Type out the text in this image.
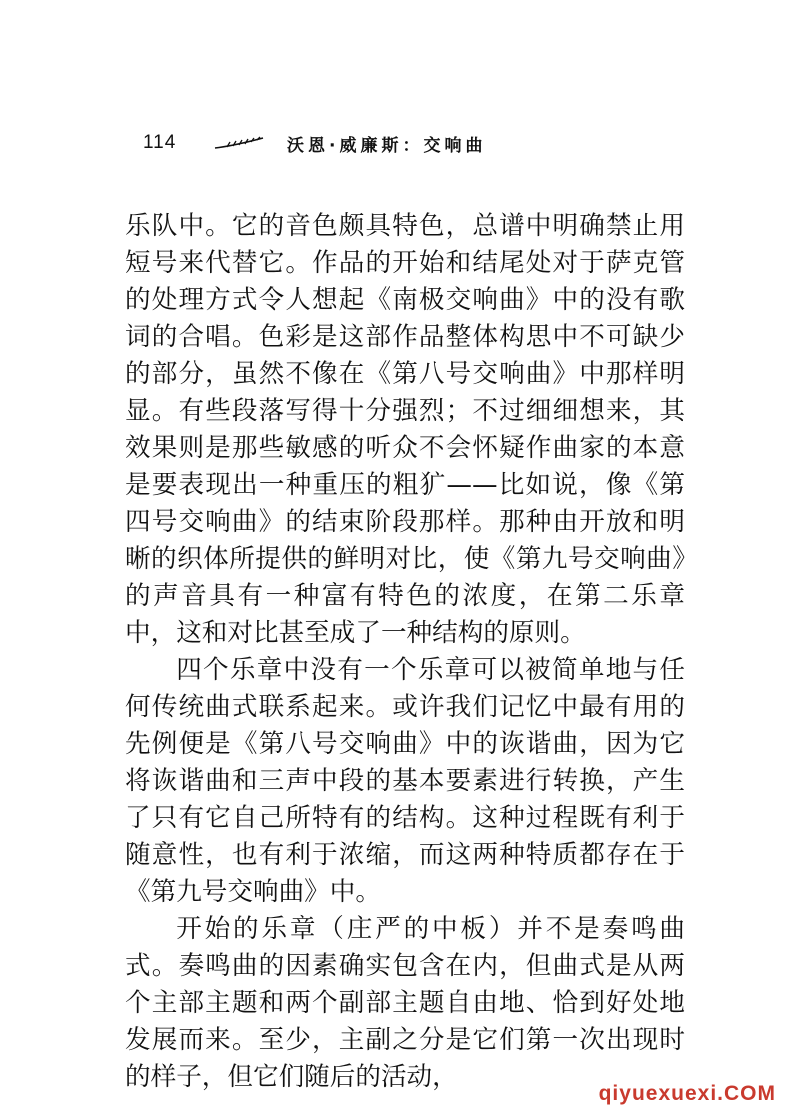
114	沃恩·威廉斯：交响曲

乐队中。它的音色颇具特色，总谱中明确禁止用短号来代替它。作品的开始和结尾处对于萨克管的处理方式令人想起《南极交响曲》中的没有歌词的合唱。色彩是这部作品整体构思中不可缺少的部分，虽然不像在《第八号交响曲》中那样明显。有些段落写得十分强烈；不过细细想来，其效果则是那些敏感的听众不会怀疑作曲家的本意是要表现出一种重压的粗犷——比如说，像《第四号交响曲》的结束阶段那样。那种由开放和明晰的织体所提供的鲜明对比，使《第九号交响曲》的声音具有一种富有特色的浓度，在第二乐章中，这和对比甚至成了一种结构的原则。

四个乐章中没有一个乐章可以被简单地与任何传统曲式联系起来。或许我们记忆中最有用的先例便是《第八号交响曲》中的诙谐曲，因为它将诙谐曲和三声中段的基本要素进行转换，产生了只有它自己所特有的结构。这种过程既有利于随意性，也有利于浓缩，而这两种特质都存在于《第九号交响曲》中。

开始的乐章（庄严的中板）并不是奏鸣曲式。奏鸣曲的因素确实包含在内，但曲式是从两个主部主题和两个副部主题自由地、恰到好处地发展而来。至少，主副之分是它们第一次出现时的样子，但它们随后的活动，

qiyuexuexi.COM
